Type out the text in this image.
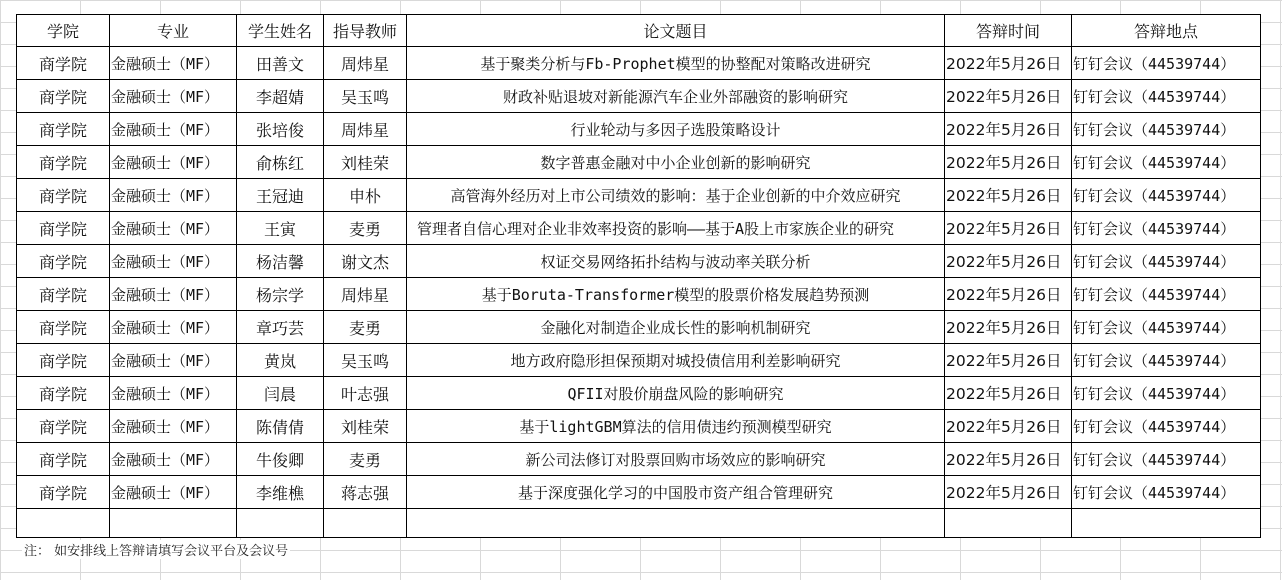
学院	专业	学生姓名	指导教师	论文题目	答辩时间	答辩地点
商学院	金融硕士（MF）	田善文	周炜星	基于聚类分析与Fb-Prophet模型的协整配对策略改进研究	2022年5月26日	钉钉会议（44539744）
商学院	金融硕士（MF）	李超婧	吴玉鸣	财政补贴退坡对新能源汽车企业外部融资的影响研究	2022年5月26日	钉钉会议（44539744）
商学院	金融硕士（MF）	张培俊	周炜星	行业轮动与多因子选股策略设计	2022年5月26日	钉钉会议（44539744）
商学院	金融硕士（MF）	俞栋红	刘桂荣	数字普惠金融对中小企业创新的影响研究	2022年5月26日	钉钉会议（44539744）
商学院	金融硕士（MF）	王冠迪	申朴	高管海外经历对上市公司绩效的影响：基于企业创新的中介效应研究	2022年5月26日	钉钉会议（44539744）
商学院	金融硕士（MF）	王寅	麦勇	管理者自信心理对企业非效率投资的影响——基于A股上市家族企业的研究	2022年5月26日	钉钉会议（44539744）
商学院	金融硕士（MF）	杨洁馨	谢文杰	权证交易网络拓扑结构与波动率关联分析	2022年5月26日	钉钉会议（44539744）
商学院	金融硕士（MF）	杨宗学	周炜星	基于Boruta-Transformer模型的股票价格发展趋势预测	2022年5月26日	钉钉会议（44539744）
商学院	金融硕士（MF）	章巧芸	麦勇	金融化对制造企业成长性的影响机制研究	2022年5月26日	钉钉会议（44539744）
商学院	金融硕士（MF）	黄岚	吴玉鸣	地方政府隐形担保预期对城投债信用利差影响研究	2022年5月26日	钉钉会议（44539744）
商学院	金融硕士（MF）	闫晨	叶志强	QFII对股价崩盘风险的影响研究	2022年5月26日	钉钉会议（44539744）
商学院	金融硕士（MF）	陈倩倩	刘桂荣	基于lightGBM算法的信用债违约预测模型研究	2022年5月26日	钉钉会议（44539744）
商学院	金融硕士（MF）	牛俊卿	麦勇	新公司法修订对股票回购市场效应的影响研究	2022年5月26日	钉钉会议（44539744）
商学院	金融硕士（MF）	李维樵	蒋志强	基于深度强化学习的中国股市资产组合管理研究	2022年5月26日	钉钉会议（44539744）

注： 如安排线上答辩请填写会议平台及会议号
